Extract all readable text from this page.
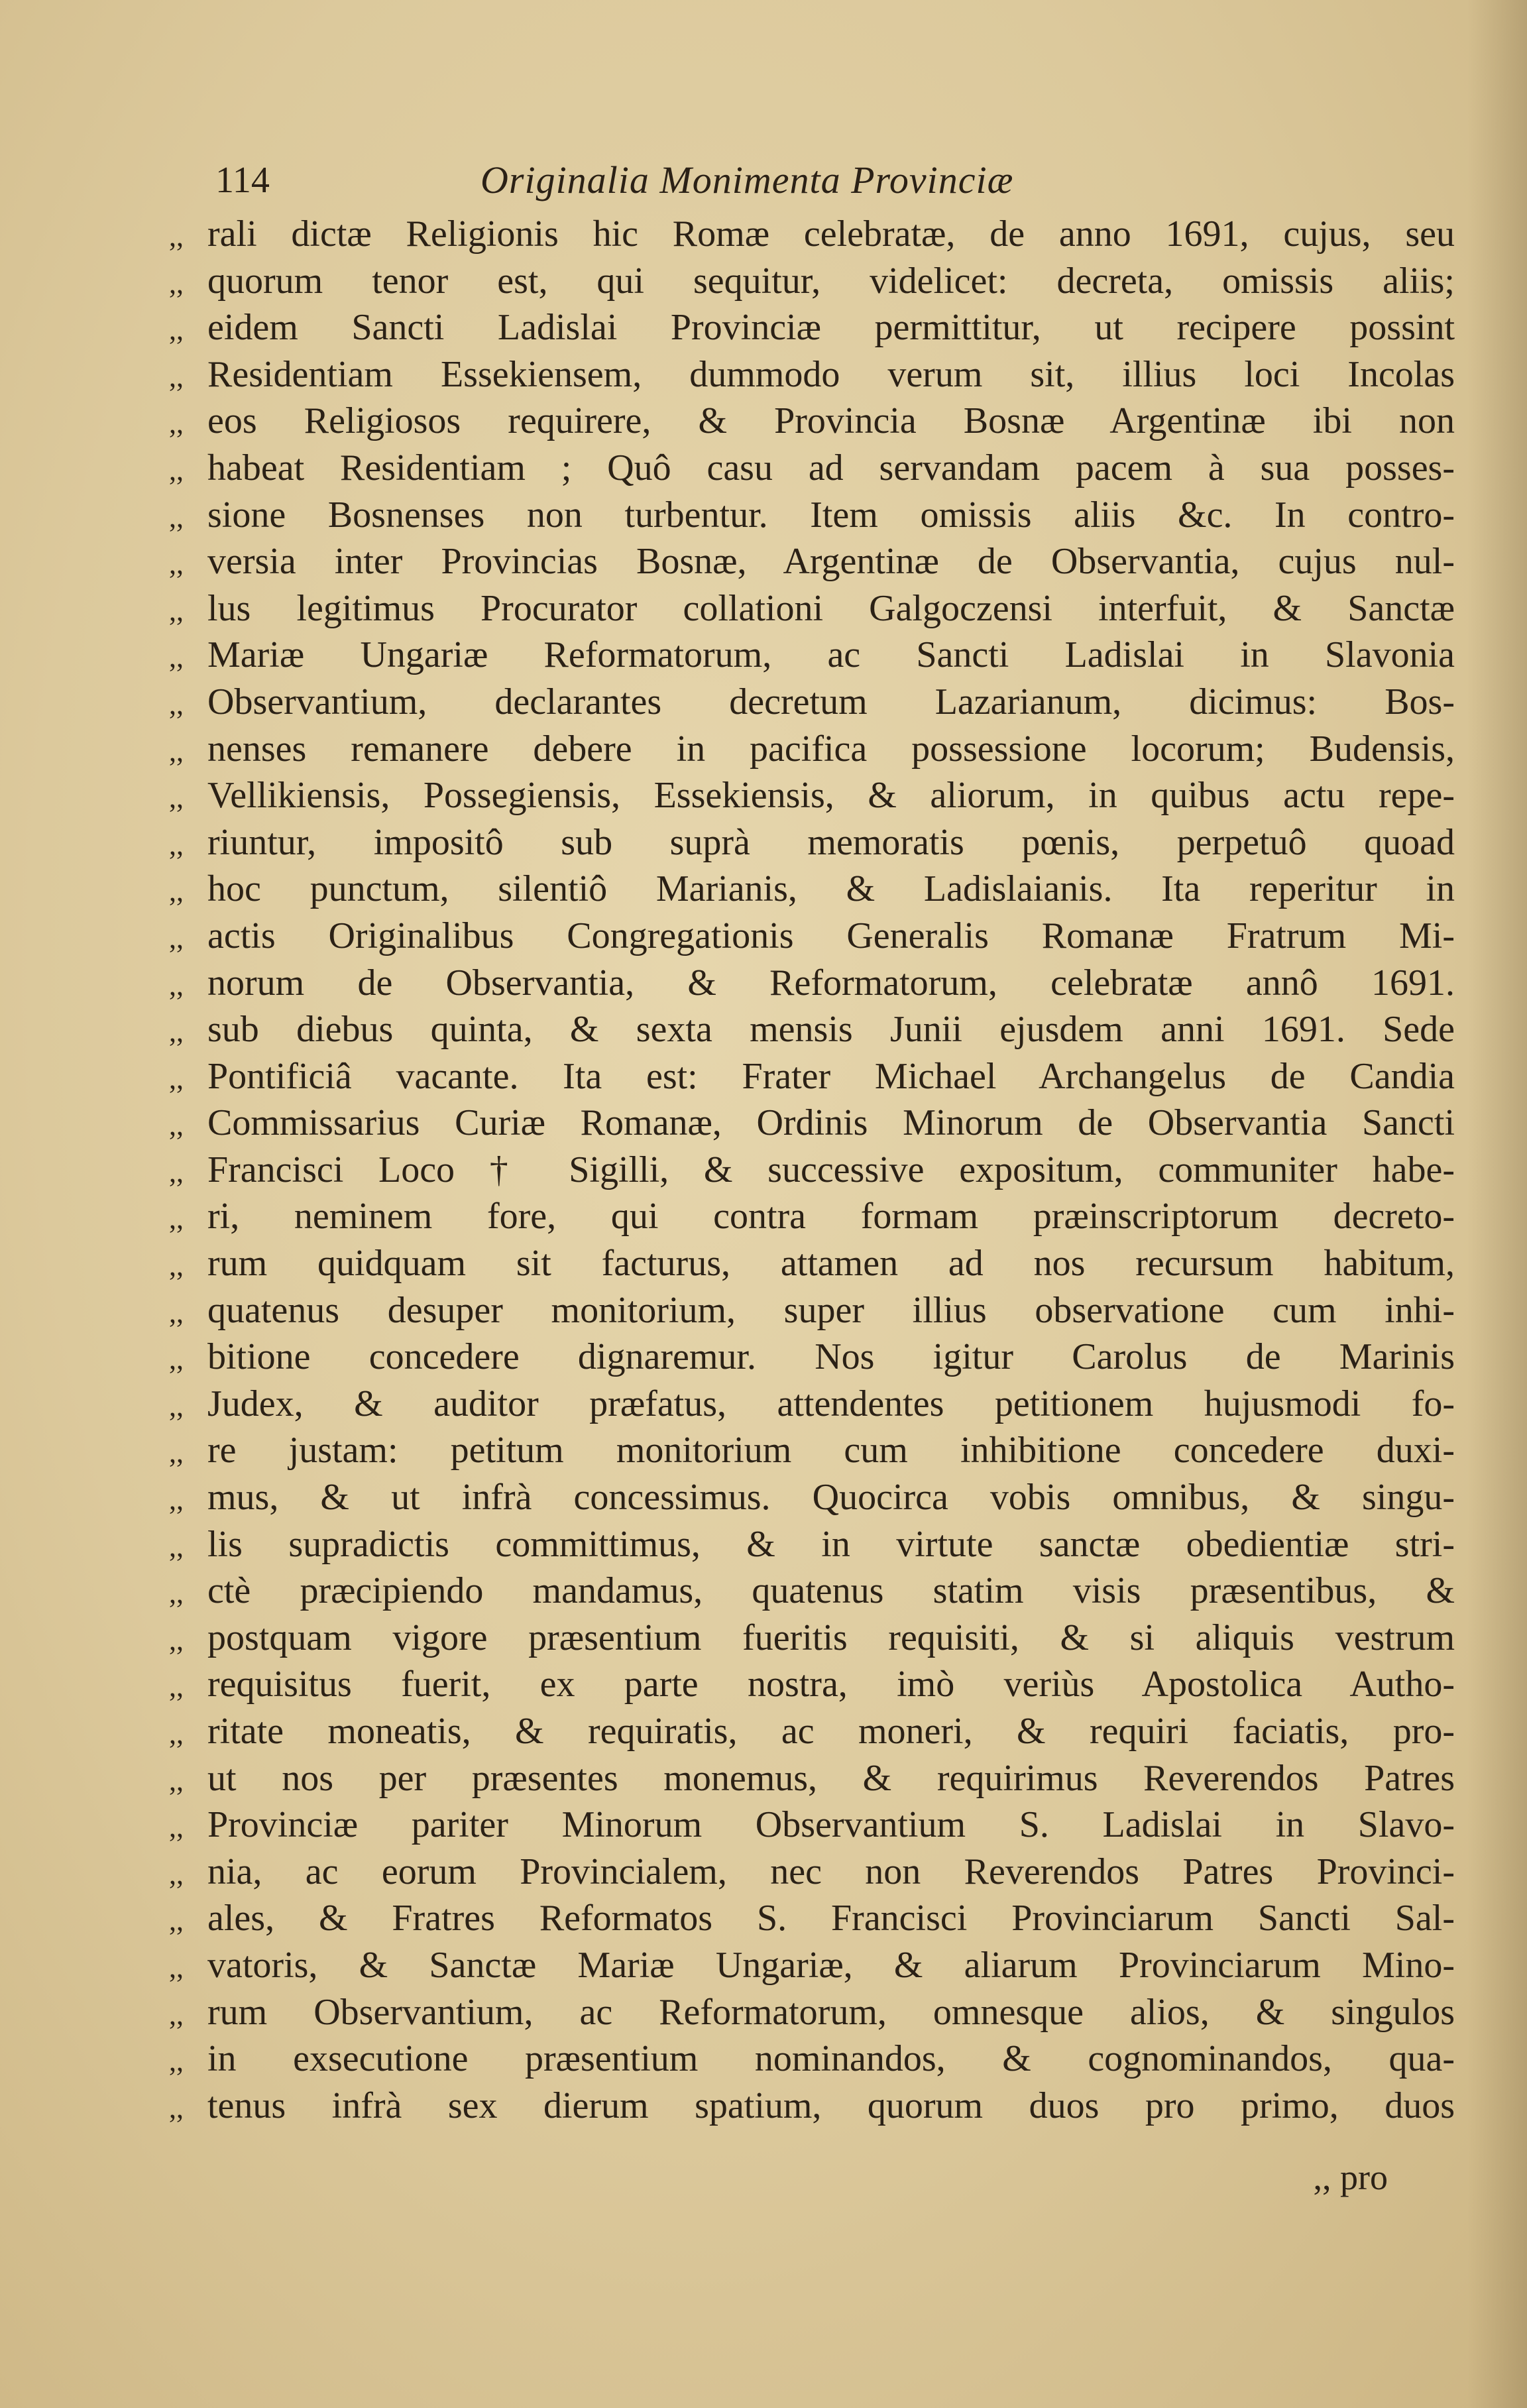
114	Originalia Monimenta Provinciæ
,, rali dictæ Religionis hic Romæ celebratæ, de anno 1691, cujus, seu
,, quorum tenor est, qui sequitur, videlicet: decreta, omissis aliis;
,, eidem Sancti Ladislai Provinciæ permittitur, ut recipere possint
,, Residentiam Essekiensem, dummodo verum sit, illius loci Incolas
,, eos Religiosos requirere, & Provincia Bosnæ Argentinæ ibi non
,, habeat Residentiam ; Quô casu ad servandam pacem à sua posses-
,, sione Bosnenses non turbentur. Item omissis aliis &c. In contro-
,, versia inter Provincias Bosnæ, Argentinæ de Observantia, cujus nul-
,, lus legitimus Procurator collationi Galgoczensi interfuit, & Sanctæ
,, Mariæ Ungariæ Reformatorum, ac Sancti Ladislai in Slavonia
,, Observantium, declarantes decretum Lazarianum, dicimus: Bos-
,, nenses remanere debere in pacifica possessione locorum; Budensis,
,, Vellikiensis, Possegiensis, Essekiensis, & aliorum, in quibus actu repe-
,, riuntur, impositô sub suprà memoratis pœnis, perpetuô quoad
,, hoc punctum, silentiô Marianis, & Ladislaianis. Ita reperitur in
,, actis Originalibus Congregationis Generalis Romanæ Fratrum Mi-
,, norum de Observantia, & Reformatorum, celebratæ annô 1691.
,, sub diebus quinta, & sexta mensis Junii ejusdem anni 1691. Sede
,, Pontificiâ vacante. Ita est: Frater Michael Archangelus de Candia
,, Commissarius Curiæ Romanæ, Ordinis Minorum de Observantia Sancti
,, Francisci Loco † Sigilli, & successive expositum, communiter habe-
,, ri, neminem fore, qui contra formam præinscriptorum decreto-
,, rum quidquam sit facturus, attamen ad nos recursum habitum,
,, quatenus desuper monitorium, super illius observatione cum inhi-
,, bitione concedere dignaremur. Nos igitur Carolus de Marinis
,, Judex, & auditor præfatus, attendentes petitionem hujusmodi fo-
,, re justam: petitum monitorium cum inhibitione concedere duxi-
,, mus, & ut infrà concessimus. Quocirca vobis omnibus, & singu-
,, lis supradictis committimus, & in virtute sanctæ obedientiæ stri-
,, ctè præcipiendo mandamus, quatenus statim visis præsentibus, &
,, postquam vigore præsentium fueritis requisiti, & si aliquis vestrum
,, requisitus fuerit, ex parte nostra, imò veriùs Apostolica Autho-
,, ritate moneatis, & requiratis, ac moneri, & requiri faciatis, pro-
,, ut nos per præsentes monemus, & requirimus Reverendos Patres
,, Provinciæ pariter Minorum Observantium S. Ladislai in Slavo-
,, nia, ac eorum Provincialem, nec non Reverendos Patres Provinci-
,, ales, & Fratres Reformatos S. Francisci Provinciarum Sancti Sal-
,, vatoris, & Sanctæ Mariæ Ungariæ, & aliarum Provinciarum Mino-
,, rum Observantium, ac Reformatorum, omnesque alios, & singulos
,, in exsecutione præsentium nominandos, & cognominandos, qua-
,, tenus infrà sex dierum spatium, quorum duos pro primo, duos
,, pro
